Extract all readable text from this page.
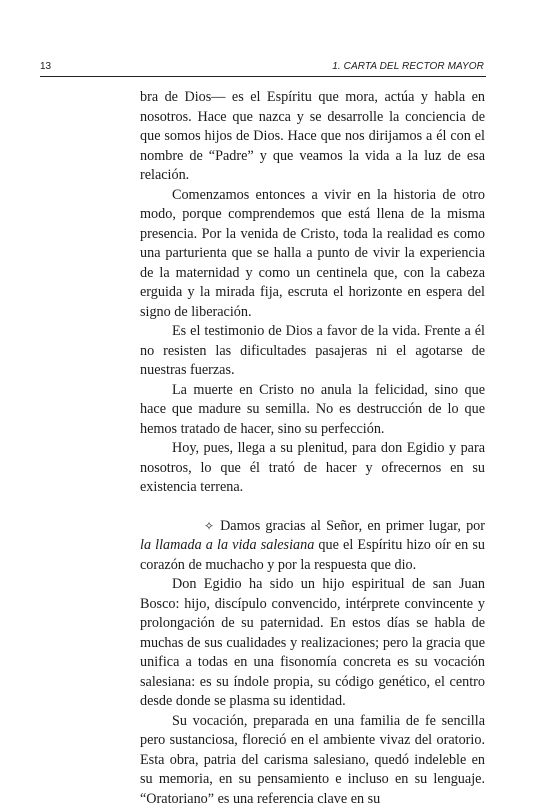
13	1. CARTA DEL RECTOR MAYOR

bra de Dios— es el Espíritu que mora, actúa y habla en nosotros. Hace que nazca y se desarrolle la conciencia de que somos hijos de Dios. Hace que nos dirijamos a él con el nombre de “Padre” y que veamos la vida a la luz de esa relación.

Comenzamos entonces a vivir en la historia de otro modo, porque comprendemos que está llena de la misma presencia. Por la venida de Cristo, toda la realidad es como una parturienta que se halla a punto de vivir la experiencia de la maternidad y como un centinela que, con la cabeza erguida y la mirada fija, escruta el horizonte en espera del signo de liberación.

Es el testimonio de Dios a favor de la vida. Frente a él no resisten las dificultades pasajeras ni el agotarse de nuestras fuerzas.

La muerte en Cristo no anula la felicidad, sino que hace que madure su semilla. No es destrucción de lo que hemos tratado de hacer, sino su perfección.

Hoy, pues, llega a su plenitud, para don Egidio y para nosotros, lo que él trató de hacer y ofrecernos en su existencia terrena.

✧ Damos gracias al Señor, en primer lugar, por la llamada a la vida salesiana que el Espíritu hizo oír en su corazón de muchacho y por la respuesta que dio.

Don Egidio ha sido un hijo espiritual de san Juan Bosco: hijo, discípulo convencido, intérprete convincente y prolongación de su paternidad. En estos días se habla de muchas de sus cualidades y realizaciones; pero la gracia que unifica a todas en una fisonomía concreta es su vocación salesiana: es su índole propia, su código genético, el centro desde donde se plasma su identidad.

Su vocación, preparada en una familia de fe sencilla pero sustanciosa, floreció en el ambiente vivaz del oratorio. Esta obra, patria del carisma salesiano, quedó indeleble en su memoria, en su pensamiento e incluso en su lenguaje. “Oratoriano” es una referencia clave en su
